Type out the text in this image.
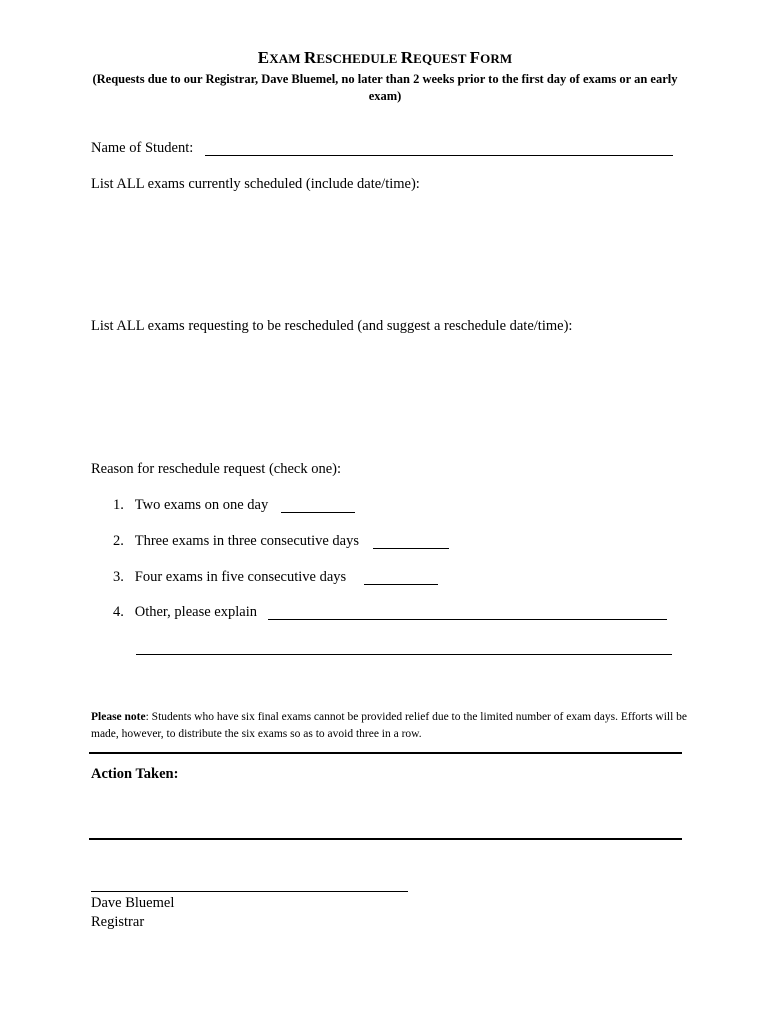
EXAM RESCHEDULE REQUEST FORM
(Requests due to our Registrar, Dave Bluemel, no later than 2 weeks prior to the first day of exams or an early exam)
Name of Student:
List ALL exams currently scheduled (include date/time):
List ALL exams requesting to be rescheduled (and suggest a reschedule date/time):
Reason for reschedule request (check one):
1. Two exams on one day
2. Three exams in three consecutive days
3. Four exams in five consecutive days
4. Other, please explain
Please note: Students who have six final exams cannot be provided relief due to the limited number of exam days. Efforts will be made, however, to distribute the six exams so as to avoid three in a row.
Action Taken:
Dave Bluemel
Registrar
